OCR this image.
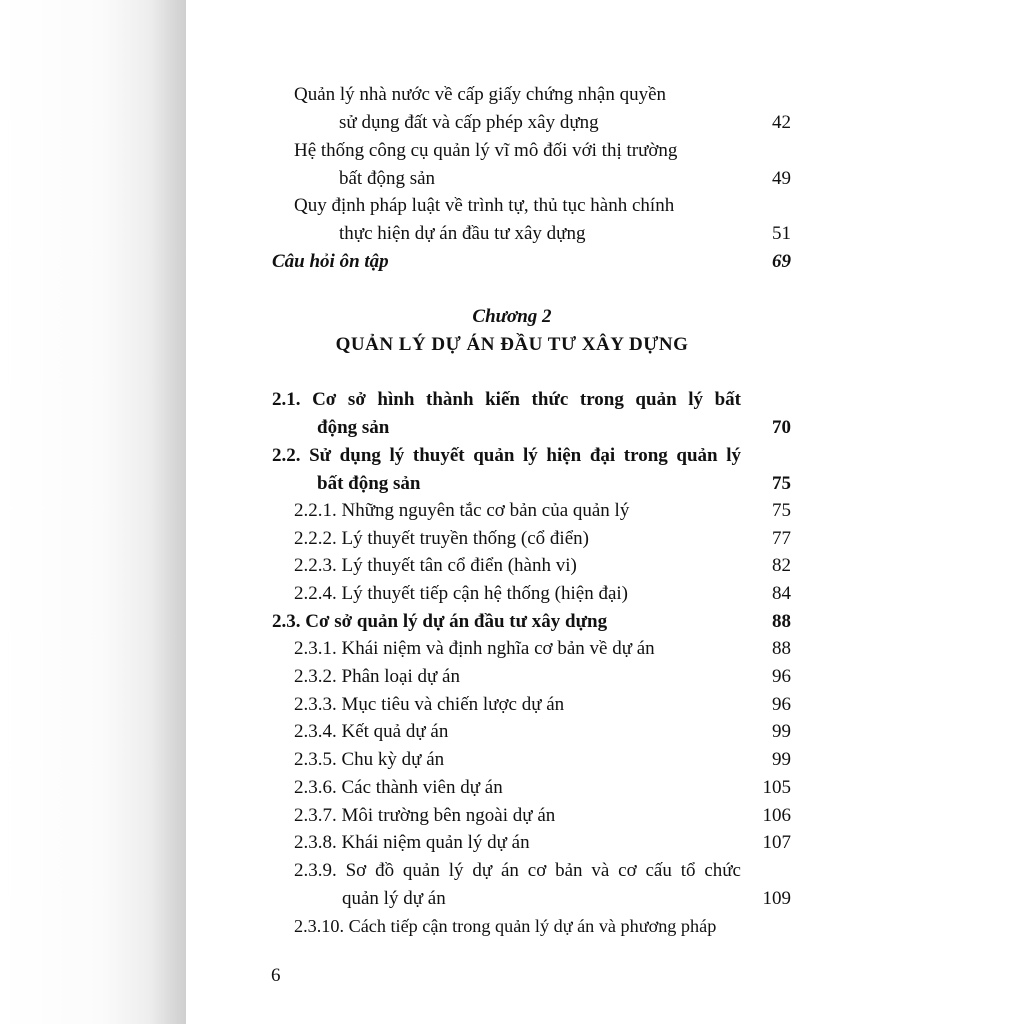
Quản lý nhà nước về cấp giấy chứng nhận quyền
sử dụng đất và cấp phép xây dựng	42
Hệ thống công cụ quản lý vĩ mô đối với thị trường
bất động sản	49
Quy định pháp luật về trình tự, thủ tục hành chính
thực hiện dự án đầu tư xây dựng	51
Câu hỏi ôn tập	69
Chương 2
QUẢN LÝ DỰ ÁN ĐẦU TƯ XÂY DỰNG
2.1. Cơ sở hình thành kiến thức trong quản lý bất
động sản	70
2.2. Sử dụng lý thuyết quản lý hiện đại trong quản lý
bất động sản	75
2.2.1. Những nguyên tắc cơ bản của quản lý	75
2.2.2. Lý thuyết truyền thống (cổ điển)	77
2.2.3. Lý thuyết tân cổ điển (hành vi)	82
2.2.4. Lý thuyết tiếp cận hệ thống (hiện đại)	84
2.3. Cơ sở quản lý dự án đầu tư xây dựng	88
2.3.1. Khái niệm và định nghĩa cơ bản về dự án	88
2.3.2. Phân loại dự án	96
2.3.3. Mục tiêu và chiến lược dự án	96
2.3.4. Kết quả dự án	99
2.3.5. Chu kỳ dự án	99
2.3.6. Các thành viên dự án	105
2.3.7. Môi trường bên ngoài dự án	106
2.3.8. Khái niệm quản lý dự án	107
2.3.9. Sơ đồ quản lý dự án cơ bản và cơ cấu tổ chức
quản lý dự án	109
2.3.10. Cách tiếp cận trong quản lý dự án và phương pháp
6
